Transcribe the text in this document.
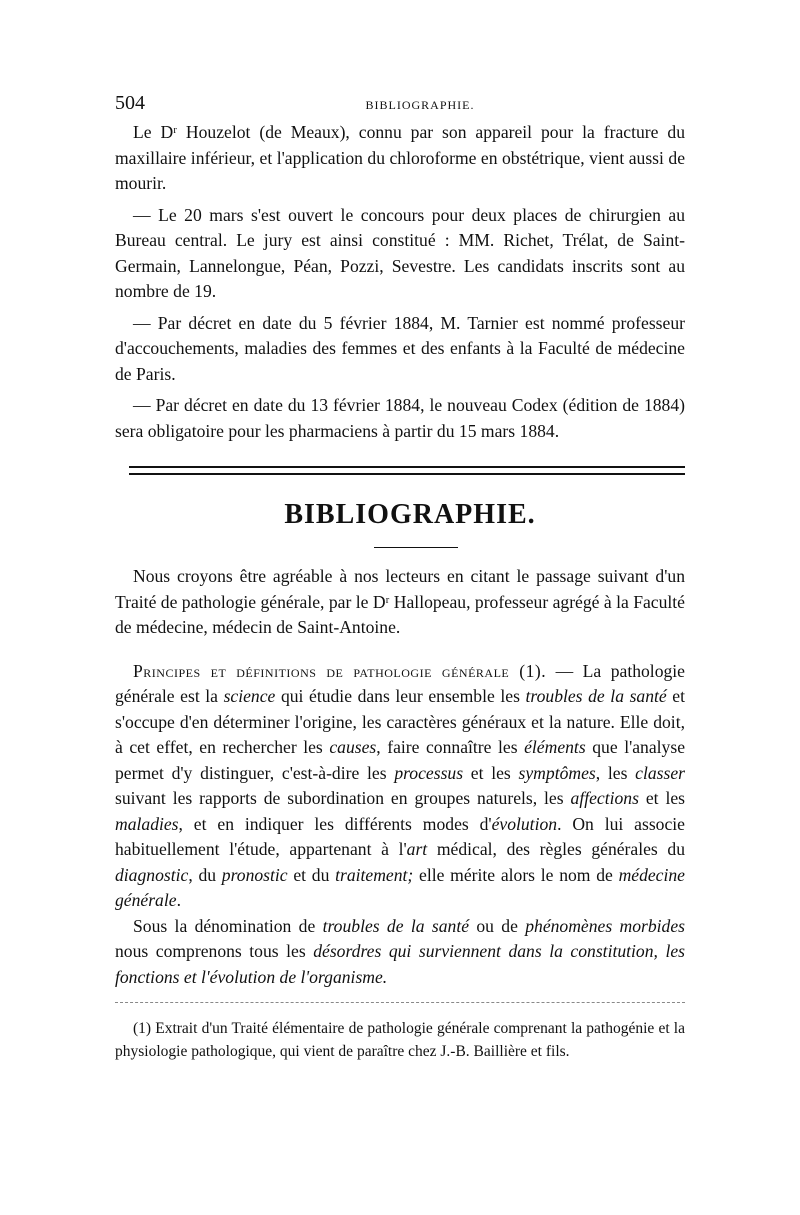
504	BIBLIOGRAPHIE.

Le Dʳ Houzelot (de Meaux), connu par son appareil pour la fracture du maxillaire inférieur, et l'application du chloroforme en obstétrique, vient aussi de mourir.

— Le 20 mars s'est ouvert le concours pour deux places de chirurgien au Bureau central. Le jury est ainsi constitué : MM. Richet, Trélat, de Saint-Germain, Lannelongue, Péan, Pozzi, Sevestre. Les candidats inscrits sont au nombre de 19.

— Par décret en date du 5 février 1884, M. Tarnier est nommé professeur d'accouchements, maladies des femmes et des enfants à la Faculté de médecine de Paris.

— Par décret en date du 13 février 1884, le nouveau Codex (édition de 1884) sera obligatoire pour les pharmaciens à partir du 15 mars 1884.

BIBLIOGRAPHIE.

Nous croyons être agréable à nos lecteurs en citant le passage suivant d'un Traité de pathologie générale, par le Dʳ Hallopeau, professeur agrégé à la Faculté de médecine, médecin de Saint-Antoine.

Principes et définitions de pathologie générale (1). — La pathologie générale est la science qui étudie dans leur ensemble les troubles de la santé et s'occupe d'en déterminer l'origine, les caractères généraux et la nature. Elle doit, à cet effet, en rechercher les causes, faire connaître les éléments que l'analyse permet d'y distinguer, c'est-à-dire les processus et les symptômes, les classer suivant les rapports de subordination en groupes naturels, les affections et les maladies, et en indiquer les différents modes d'évolution. On lui associe habituellement l'étude, appartenant à l'art médical, des règles générales du diagnostic, du pronostic et du traitement; elle mérite alors le nom de médecine générale.

Sous la dénomination de troubles de la santé ou de phénomènes morbides nous comprenons tous les désordres qui surviennent dans la constitution, les fonctions et l'évolution de l'organisme.

(1) Extrait d'un Traité élémentaire de pathologie générale comprenant la pathogénie et la physiologie pathologique, qui vient de paraître chez J.-B. Baillière et fils.
